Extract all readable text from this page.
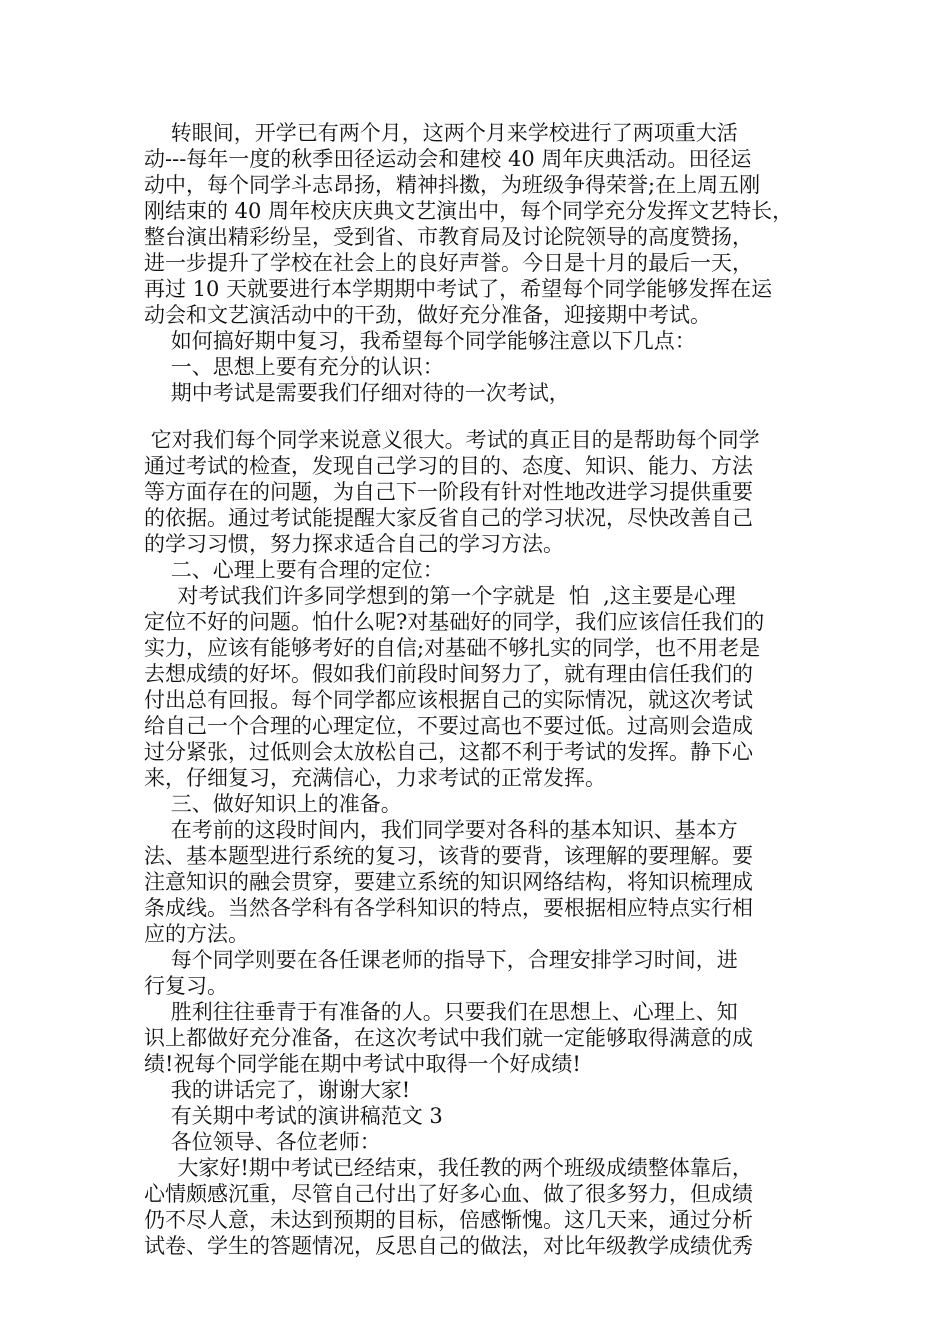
转眼间，开学已有两个月，这两个月来学校进行了两项重大活
动---每年一度的秋季田径运动会和建校 40 周年庆典活动。田径运
动中，每个同学斗志昂扬，精神抖擞，为班级争得荣誉;在上周五刚
刚结束的 40 周年校庆庆典文艺演出中，每个同学充分发挥文艺特长，
整台演出精彩纷呈，受到省、市教育局及讨论院领导的高度赞扬，
进一步提升了学校在社会上的良好声誉。今日是十月的最后一天，
再过 10 天就要进行本学期期中考试了，希望每个同学能够发挥在运
动会和文艺演活动中的干劲，做好充分准备，迎接期中考试。
如何搞好期中复习，我希望每个同学能够注意以下几点：
一、思想上要有充分的认识：
期中考试是需要我们仔细对待的一次考试，
它对我们每个同学来说意义很大。考试的真正目的是帮助每个同学
通过考试的检查，发现自己学习的目的、态度、知识、能力、方法
等方面存在的问题，为自己下一阶段有针对性地改进学习提供重要
的依据。通过考试能提醒大家反省自己的学习状况，尽快改善自己
的学习习惯，努力探求适合自己的学习方法。
二、心理上要有合理的定位：
对考试我们许多同学想到的第一个字就是  怕  ,这主要是心理
定位不好的问题。怕什么呢?对基础好的同学，我们应该信任我们的
实力，应该有能够考好的自信;对基础不够扎实的同学，也不用老是
去想成绩的好坏。假如我们前段时间努力了，就有理由信任我们的
付出总有回报。每个同学都应该根据自己的实际情况，就这次考试
给自己一个合理的心理定位，不要过高也不要过低。过高则会造成
过分紧张，过低则会太放松自己，这都不利于考试的发挥。静下心
来，仔细复习，充满信心，力求考试的正常发挥。
三、做好知识上的准备。
在考前的这段时间内，我们同学要对各科的基本知识、基本方
法、基本题型进行系统的复习，该背的要背，该理解的要理解。要
注意知识的融会贯穿，要建立系统的知识网络结构，将知识梳理成
条成线。当然各学科有各学科知识的特点，要根据相应特点实行相
应的方法。
每个同学则要在各任课老师的指导下，合理安排学习时间，进
行复习。
胜利往往垂青于有准备的人。只要我们在思想上、心理上、知
识上都做好充分准备，在这次考试中我们就一定能够取得满意的成
绩!祝每个同学能在期中考试中取得一个好成绩!
我的讲话完了，谢谢大家!
有关期中考试的演讲稿范文 3
各位领导、各位老师：
大家好!期中考试已经结束，我任教的两个班级成绩整体靠后，
心情颇感沉重，尽管自己付出了好多心血、做了很多努力，但成绩
仍不尽人意，未达到预期的目标，倍感惭愧。这几天来，通过分析
试卷、学生的答题情况，反思自己的做法，对比年级教学成绩优秀
